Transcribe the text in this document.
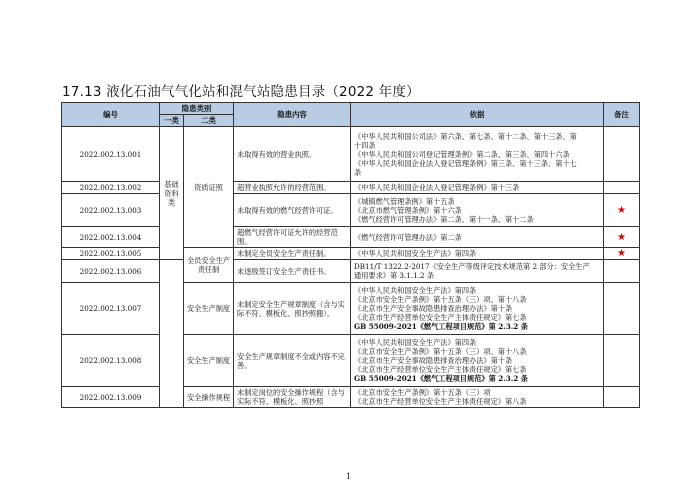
17.13 液化石油气气化站和混气站隐患目录（2022 年度）
编号	隐患类别		隐患内容	依据	备注
	一类	二类			
2022.002.13.001	基础资料类	资质证照	未取得有效的营业执照。	《中华人民共和国公司法》第六条、第七条、第十二条、第十三条、第
十四条
《中华人民共和国公司登记管理条例》第二条、第三条、第四十六条
《中华人民共和国企业法人登记管理条例》第三条、第十三条、第十七
条	

2022.002.13.002			超营业执照允许的经营范围。	《中华人民共和国企业法人登记管理条例》第十三条	

2022.002.13.003			未取得有效的燃气经营许可证。	《城镇燃气管理条例》第十五条
《北京市燃气管理条例》第十六条
《燃气经营许可管理办法》第二条、第十一条、第十二条	★
2022.002.13.004			超燃气经营许可证允许的经营范围。	《燃气经营许可管理办法》第二条	★
2022.002.13.005		全员安全生产责任制	未制定全员安全生产责任制。	《中华人民共和国安全生产法》第四条	★
2022.002.13.006			未逐级签订安全生产责任书。	DB11/T 1322.2-2017《安全生产等级评定技术规范第 2 部分：安全生产
通用要求》第 3.1.1.2 条	

2022.002.13.007		安全生产制度	未制定安全生产规章制度（含与实际不符、模板化、照抄照搬）。	《中华人民共和国安全生产法》第四条
《北京市安全生产条例》第十五条（三）项、第十八条
《北京市生产安全事故隐患排查治理办法》第十条
《北京市生产经营单位安全生产主体责任规定》第七条
GB 55009-2021《燃气工程项目规范》第 2.3.2 条	

2022.002.13.008		安全生产制度	安全生产规章制度不全或内容不完善。	《中华人民共和国安全生产法》第四条
《北京市安全生产条例》第十五条（三）项、第十八条
《北京市生产安全事故隐患排查治理办法》第十条
《北京市生产经营单位安全生产主体责任规定》第七条
GB 55009-2021《燃气工程项目规范》第 2.3.2 条	

2022.002.13.009		安全操作规程	未制定岗位的安全操作规程（含与实际不符、模板化、照抄照	《北京市安全生产条例》第十五条（三）项
《北京市生产经营单位安全生产主体责任规定》第八条	

1
